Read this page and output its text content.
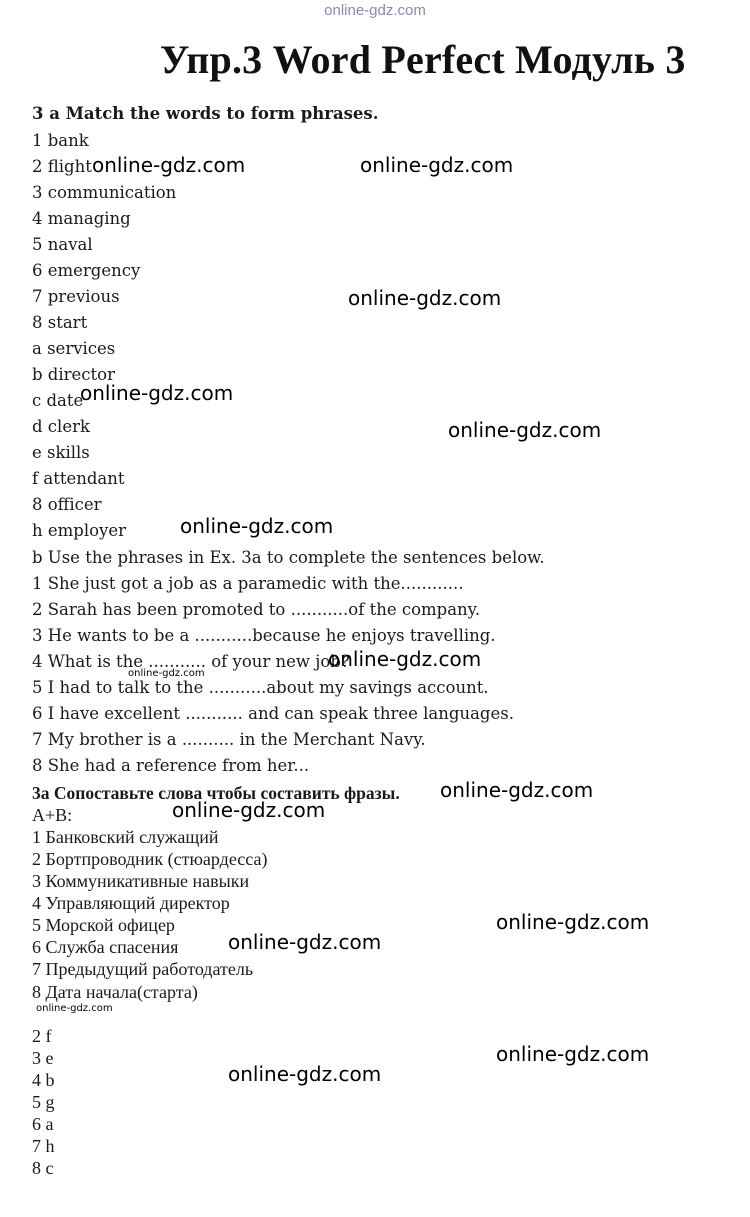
online-gdz.com
Упр.3 Word Perfect Модуль 3
3 a Match the words to form phrases.
1 bank
2 flight
3 communication
4 managing
5 naval
6 emergency
7 previous
8 start
a services
b director
c date
d clerk
e skills
f attendant
8 officer
h employer
b Use the phrases in Ex. 3a to complete the sentences below.
1 She just got a job as a paramedic with the............
2 Sarah has been promoted to ...........of the company.
3 He wants to be a ...........because he enjoys travelling.
4 What is the ........... of your new job?
5 I had to talk to the ...........about my savings account.
6 I have excellent ........... and can speak three languages.
7 My brother is a .......... in the Merchant Navy.
8 She had a reference from her...
3а Сопоставьте слова чтобы составить фразы.
A+B:
1 Банковский служащий
2 Бортпроводник (стюардесса)
3 Коммуникативные навыки
4 Управляющий директор
5 Морской офицер
6 Служба спасения
7 Предыдущий работодатель
8 Дата начала(старта)
2 f
3 e
4 b
5 g
6 a
7 h
8 c
online-gdz.com	online-gdz.com
online-gdz.com
online-gdz.com
online-gdz.com
online-gdz.com
online-gdz.com
online-gdz.com
online-gdz.com
online-gdz.com
online-gdz.com
online-gdz.com
online-gdz.com
online-gdz.com
online-gdz.com
